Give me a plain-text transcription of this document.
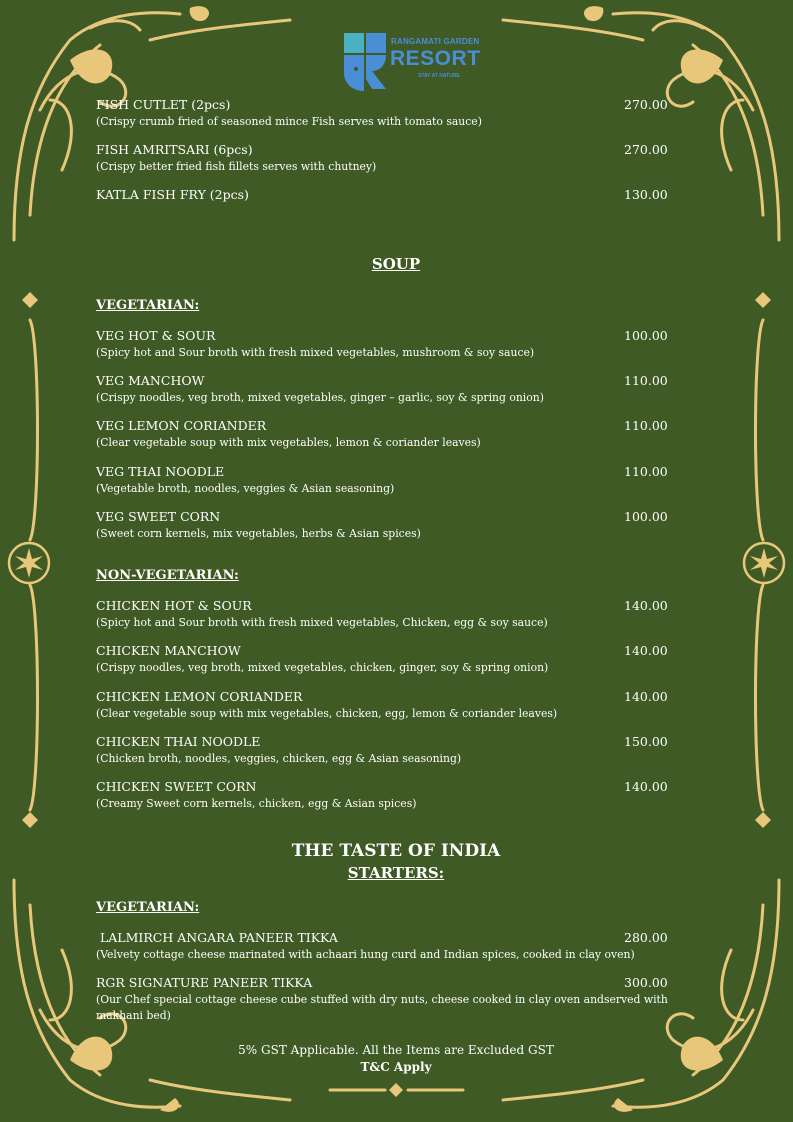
RANGAMATI GARDEN
RESORT
STAY AT NATURE
FISH CUTLET (2pcs)	270.00
(Crispy crumb fried of seasoned mince Fish serves with tomato sauce)
FISH AMRITSARI (6pcs)	270.00
(Crispy better fried fish fillets serves with chutney)
KATLA FISH FRY (2pcs)	130.00
SOUP
VEGETARIAN:
VEG HOT & SOUR	100.00
(Spicy hot and Sour broth with fresh mixed vegetables, mushroom & soy sauce)
VEG MANCHOW	110.00
(Crispy noodles, veg broth, mixed vegetables, ginger – garlic, soy & spring onion)
VEG LEMON CORIANDER	110.00
(Clear vegetable soup with mix vegetables, lemon & coriander leaves)
VEG THAI NOODLE	110.00
(Vegetable broth, noodles, veggies & Asian seasoning)
VEG SWEET CORN	100.00
(Sweet corn kernels, mix vegetables, herbs & Asian spices)
NON-VEGETARIAN:
CHICKEN HOT & SOUR	140.00
(Spicy hot and Sour broth with fresh mixed vegetables, Chicken, egg & soy sauce)
CHICKEN MANCHOW	140.00
(Crispy noodles, veg broth, mixed vegetables, chicken, ginger, soy & spring onion)
CHICKEN LEMON CORIANDER	140.00
(Clear vegetable soup with mix vegetables, chicken, egg, lemon & coriander leaves)
CHICKEN THAI NOODLE	150.00
(Chicken broth, noodles, veggies, chicken, egg & Asian seasoning)
CHICKEN SWEET CORN	140.00
(Creamy Sweet corn kernels, chicken, egg & Asian spices)
THE TASTE OF INDIA
STARTERS:
VEGETARIAN:
LALMIRCH ANGARA PANEER TIKKA	280.00
(Velvety cottage cheese marinated with achaari hung curd and Indian spices, cooked in clay oven)
RGR SIGNATURE PANEER TIKKA	300.00
(Our Chef special cottage cheese cube stuffed with dry nuts, cheese cooked in clay oven andserved with
makhani bed)
5% GST Applicable. All the Items are Excluded GST
T&C Apply
